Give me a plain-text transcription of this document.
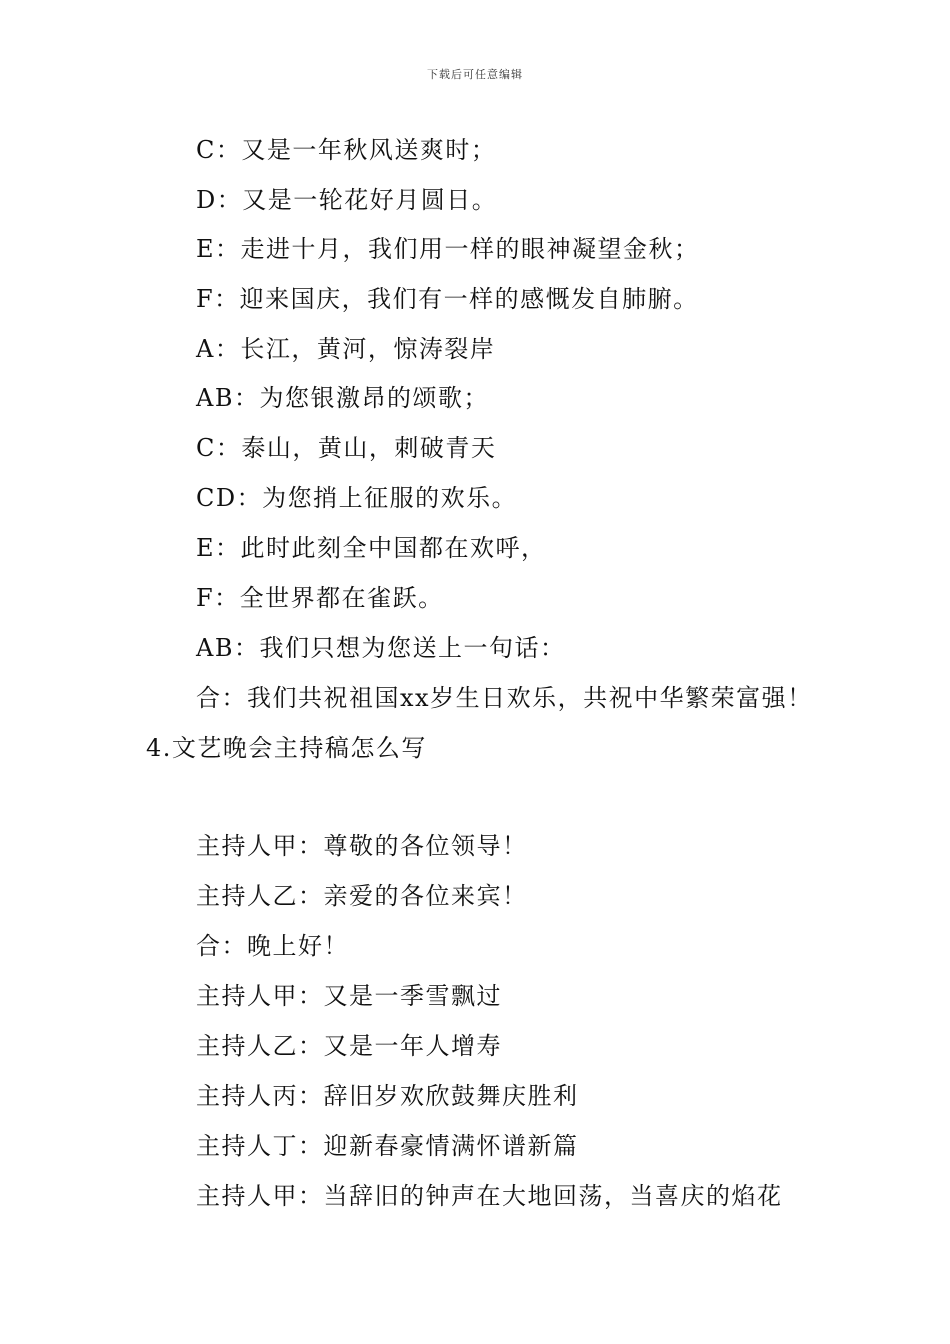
下载后可任意编辑
C：又是一年秋风送爽时；
D：又是一轮花好月圆日。
E：走进十月，我们用一样的眼神凝望金秋；
F：迎来国庆，我们有一样的感慨发自肺腑。
A：长江，黄河，惊涛裂岸
AB：为您银激昂的颂歌；
C：泰山，黄山，刺破青天
CD：为您捎上征服的欢乐。
E：此时此刻全中国都在欢呼，
F：全世界都在雀跃。
AB：我们只想为您送上一句话：
合：我们共祝祖国xx岁生日欢乐，共祝中华繁荣富强！
4.文艺晚会主持稿怎么写
主持人甲：尊敬的各位领导！
主持人乙：亲爱的各位来宾！
合：晚上好！
主持人甲：又是一季雪飘过
主持人乙：又是一年人增寿
主持人丙：辞旧岁欢欣鼓舞庆胜利
主持人丁：迎新春豪情满怀谱新篇
主持人甲：当辞旧的钟声在大地回荡，当喜庆的焰花
